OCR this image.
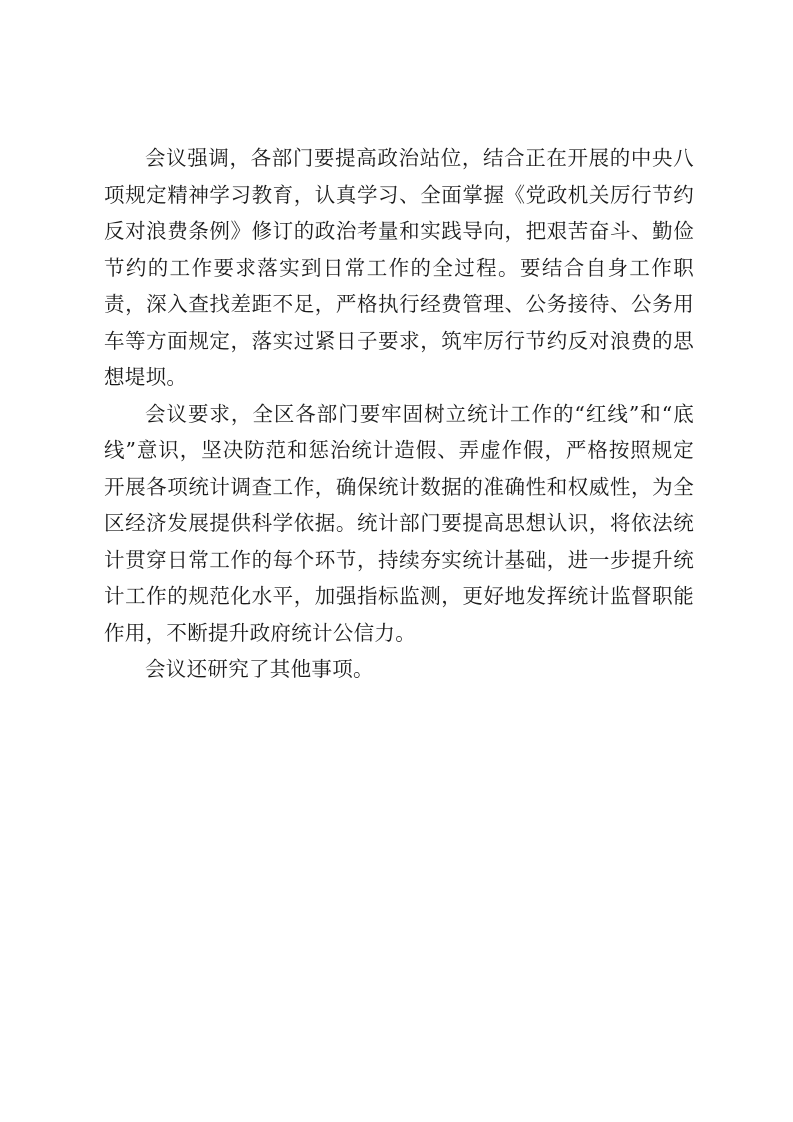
会议强调，各部门要提高政治站位，结合正在开展的中央八项规定精神学习教育，认真学习、全面掌握《党政机关厉行节约反对浪费条例》修订的政治考量和实践导向，把艰苦奋斗、勤俭节约的工作要求落实到日常工作的全过程。要结合自身工作职责，深入查找差距不足，严格执行经费管理、公务接待、公务用车等方面规定，落实过紧日子要求，筑牢厉行节约反对浪费的思想堤坝。

会议要求，全区各部门要牢固树立统计工作的“红线”和“底线”意识，坚决防范和惩治统计造假、弄虚作假，严格按照规定开展各项统计调查工作，确保统计数据的准确性和权威性，为全区经济发展提供科学依据。统计部门要提高思想认识，将依法统计贯穿日常工作的每个环节，持续夯实统计基础，进一步提升统计工作的规范化水平，加强指标监测，更好地发挥统计监督职能作用，不断提升政府统计公信力。

会议还研究了其他事项。
